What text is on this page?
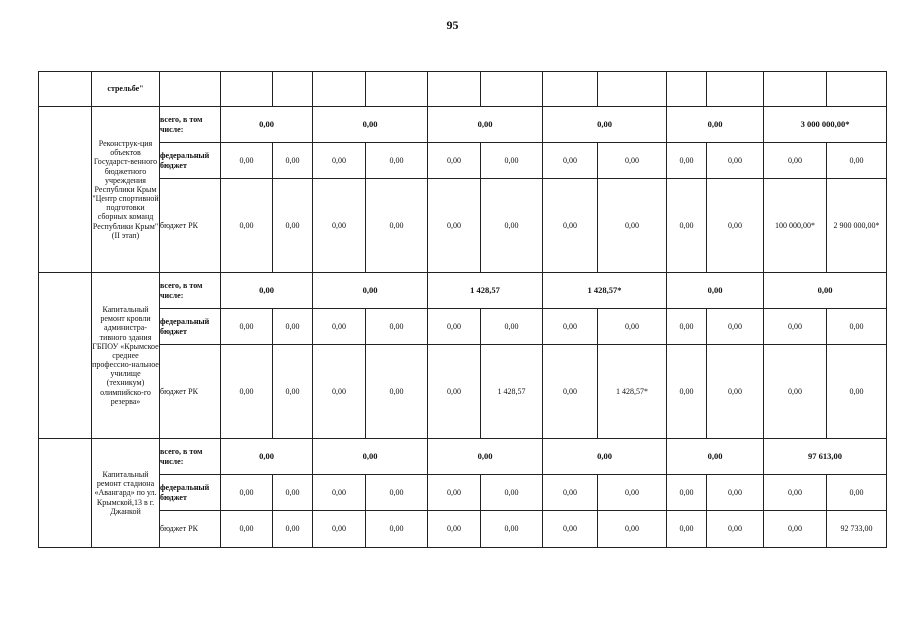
95
	стрельбе"													
	Реконструк-ция объектов Государст-венного бюджетного учреждения Республики Крым "Центр спортивной подготовки сборных команд Республики Крым" (II этап)	всего, в том числе:	0,00		0,00		0,00		0,00		0,00		3 000 000,00*	
		федеральный бюджет	0,00	0,00	0,00	0,00	0,00	0,00	0,00	0,00	0,00	0,00	0,00	0,00
		бюджет РК	0,00	0,00	0,00	0,00	0,00	0,00	0,00	0,00	0,00	0,00	100 000,00*	2 900 000,00*
	Капитальный ремонт кровли администра-тивного здания ГБПОУ «Крымское среднее профессио-нальное училище (техникум) олимпийско-го резерва»	всего, в том числе:	0,00		0,00		1 428,57		1 428,57*		0,00		0,00	
		федеральный бюджет	0,00	0,00	0,00	0,00	0,00	0,00	0,00	0,00	0,00	0,00	0,00	0,00
		бюджет РК	0,00	0,00	0,00	0,00	0,00	1 428,57	0,00	1 428,57*	0,00	0,00	0,00	0,00
	Капитальный ремонт стадиона «Авангард» по ул. Крымской,13 в г. Джанкой	всего, в том числе:	0,00		0,00		0,00		0,00		0,00		97 613,00	
		федеральный бюджет	0,00	0,00	0,00	0,00	0,00	0,00	0,00	0,00	0,00	0,00	0,00	0,00
		бюджет РК	0,00	0,00	0,00	0,00	0,00	0,00	0,00	0,00	0,00	0,00	0,00	92 733,00
